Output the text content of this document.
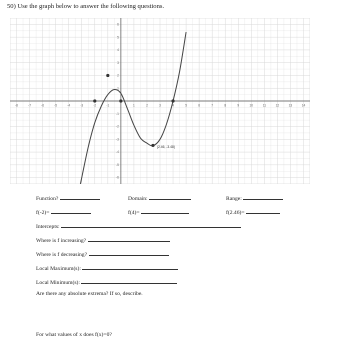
50) Use the graph below to answer the following questions.
-8	-7	-6	-5	-4	-3	-2	-1	1	2	3	4	5	6	7	8	9	10	11	12	13	14
6
5
4
3
2
1
-1
-2
-3
-4
-5
-6
(2.46, -3.48)
Function?	Domain:	Range:
f(-2)=	f(4)=	f(2.46)=
Intercepts:
Where is f increasing?
Where is f decreasing?
Local Maximum(s):
Local Minimum(s):
Are there any absolute extrema? If so, describe.
For what values of x does f(x)=0?
